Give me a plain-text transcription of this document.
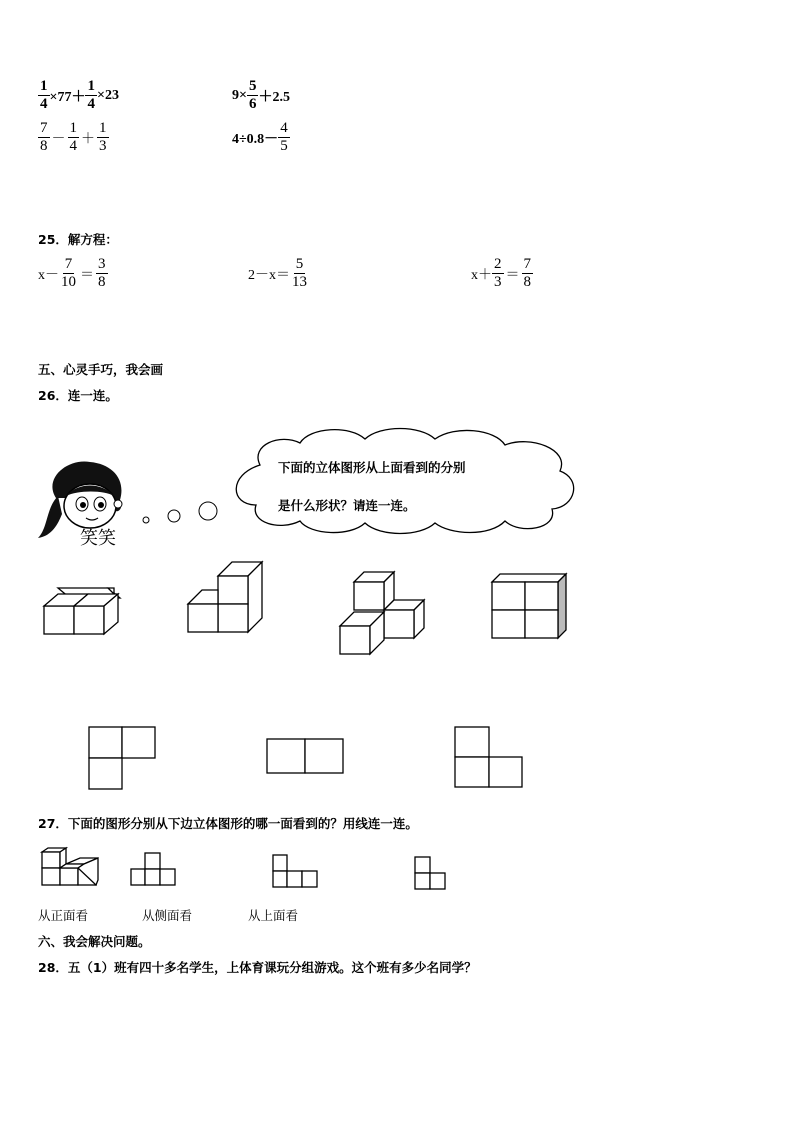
$\frac{1}{4} \times 77+ \frac{1}{4} \times 23$	$9\times \frac{5}{6} +2.5$
$\frac{7}{8} - \frac{1}{4} + \frac{1}{3}$	$4\div 0.8- \frac{4}{5}$
25．解方程：
$x- \frac{7}{10} = \frac{3}{8}$	$2-x= \frac{5}{13}$	$x+ \frac{2}{3} = \frac{7}{8}$
五、心灵手巧，我会画
26．连一连。
笑笑
下面的立体图形从上面看到的分别
是什么形状？请连一连。
27．下面的图形分别从下边立体图形的哪一面看到的？用线连一连。
从正面看	从侧面看	从上面看
六、我会解决问题。
28．五（1）班有四十多名学生，上体育课玩分组游戏。这个班有多少名同学？
